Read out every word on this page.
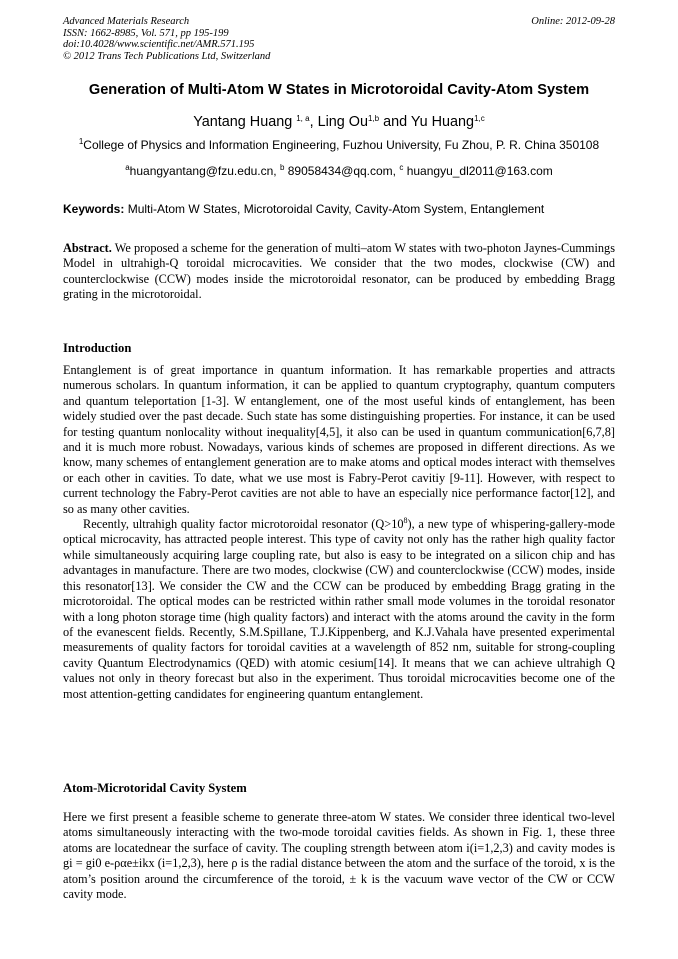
Advanced Materials Research
ISSN: 1662-8985, Vol. 571, pp 195-199
doi:10.4028/www.scientific.net/AMR.571.195
© 2012 Trans Tech Publications Ltd, Switzerland
Online: 2012-09-28
Generation of Multi-Atom W States in Microtoroidal Cavity-Atom System
Yantang Huang $^{1, a}$, Ling Ou$^{1,b}$ and Yu Huang$^{1,c}$
$^1$College of Physics and Information Engineering, Fuzhou University, Fu Zhou, P. R. China 350108
$^a$huangyantang@fzu.edu.cn, $^b$ 89058434@qq.com, $^c$ huangyu_dl2011@163.com
Keywords: Multi-Atom W States, Microtoroidal Cavity, Cavity-Atom System, Entanglement
Abstract. We proposed a scheme for the generation of multi–atom W states with two-photon Jaynes-Cummings Model in ultrahigh-Q toroidal microcavities. We consider that the two modes, clockwise (CW) and counterclockwise (CCW) modes inside the microtoroidal resonator, can be produced by embedding Bragg grating in the microtoroidal.
Introduction

Entanglement is of great importance in quantum information. It has remarkable properties and attracts numerous scholars. In quantum information, it can be applied to quantum cryptography, quantum computers and quantum teleportation [1-3]. W entanglement, one of the most useful kinds of entanglement, has been widely studied over the past decade. Such state has some distinguishing properties. For instance, it can be used for testing quantum nonlocality without inequality[4,5], it also can be used in quantum communication[6,7,8] and it is much more robust. Nowadays, various kinds of schemes are proposed in different directions. As we know, many schemes of entanglement generation are to make atoms and optical modes interact with themselves or each other in cavities. To date, what we use most is Fabry-Perot cavitiy [9-11]. However, with respect to current technology the Fabry-Perot cavities are not able to have an especially nice performance factor[12], and so as many other cavities.

Recently, ultrahigh quality factor microtoroidal resonator $(Q>10^8)$, a new type of whispering-gallery-mode optical microcavity, has attracted people interest. This type of cavity not only has the rather high quality factor while simultaneously acquiring large coupling rate, but also is easy to be integrated on a silicon chip and has advantages in manufacture. There are two modes, clockwise (CW) and counterclockwise (CCW) modes, inside this resonator[13]. We consider the CW and the CCW can be produced by embedding Bragg grating in the microtoroidal. The optical modes can be restricted within rather small mode volumes in the toroidal resonator with a long photon storage time (high quality factors) and interact with the atoms around the cavity in the form of the evanescent fields. Recently, S.M.Spillane, T.J.Kippenberg, and K.J.Vahala have presented experimental measurements of quality factors for toroidal cavities at a wavelength of 852 nm, suitable for strong-coupling cavity Quantum Electrodynamics (QED) with atomic cesium[14]. It means that we can achieve ultrahigh Q values not only in theory forecast but also in the experiment. Thus toroidal microcavities become one of the most attention-getting candidates for engineering quantum entanglement.

Atom-Microtoridal Cavity System

Here we first present a feasible scheme to generate three-atom W states. We consider three identical two-level atoms simultaneously interacting with the two-mode toroidal cavities fields. As shown in Fig. 1, these three atoms are locatednear the surface of cavity. The coupling strength between atom i(i=1,2,3) and cavity modes is gi = gi0 e-ραe±ikx (i=1,2,3), here ρ is the radial distance between the atom and the surface of the toroid, x is the atom’s position around the circumference of the toroid, ± k is the vacuum wave vector of the CW or CCW cavity mode.
